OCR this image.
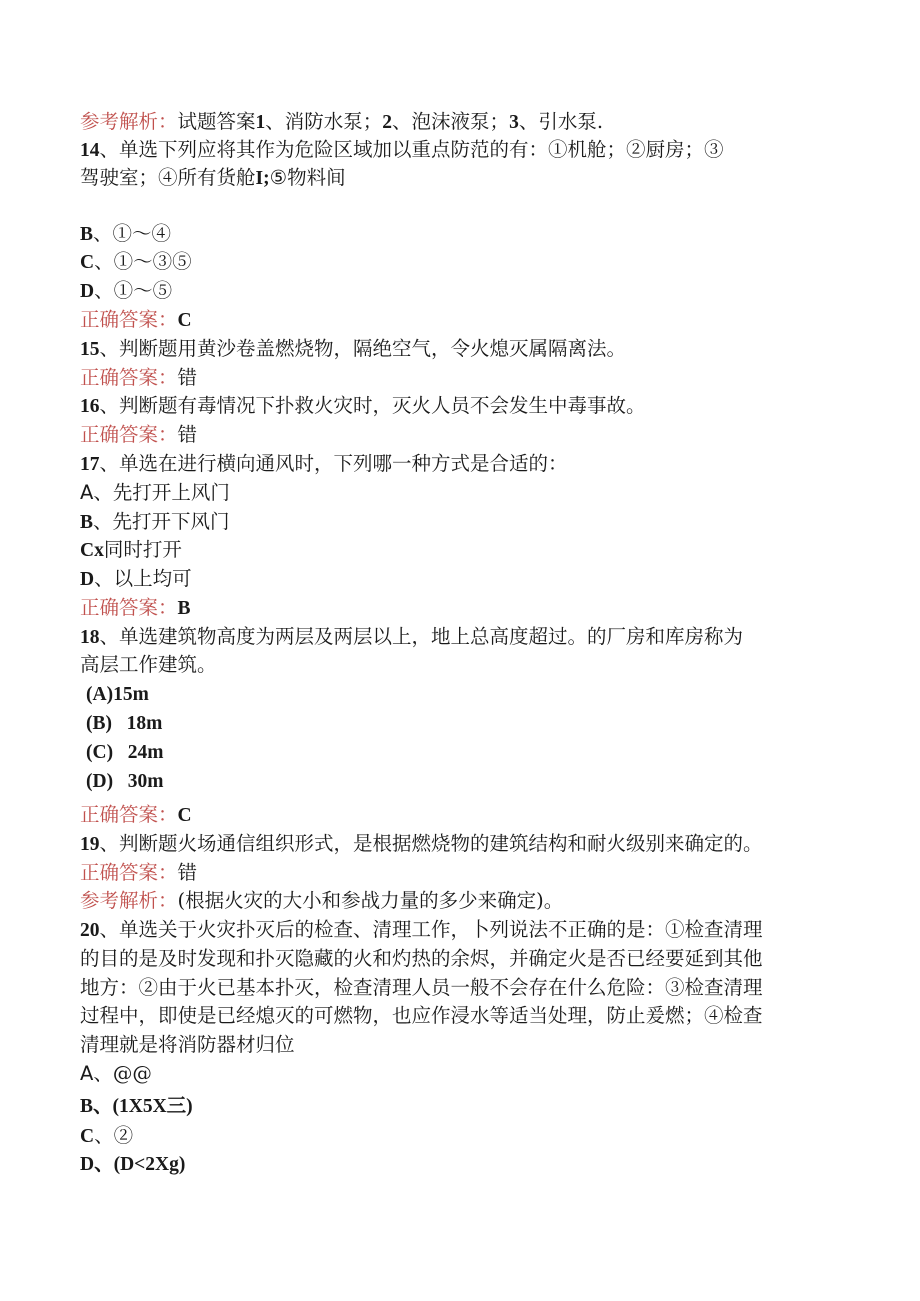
参考解析：试题答案1、消防水泵；2、泡沫液泵；3、引水泵.
14、单选下列应将其作为危险区域加以重点防范的有：①机舱；②厨房；③
驾驶室；④所有货舱I;⑤物料间
B、①～④
C、①～③⑤
D、①～⑤
正确答案：C
15、判断题用黄沙卷盖燃烧物，隔绝空气，令火熄灭属隔离法。
正确答案：错
16、判断题有毒情况下扑救火灾时，灭火人员不会发生中毒事故。
正确答案：错
17、单选在进行横向通风时，下列哪一种方式是合适的：
A、先打开上风门
B、先打开下风门
Cx同时打开
D、以上均可
正确答案：B
18、单选建筑物高度为两层及两层以上，地上总高度超过。的厂房和库房称为
高层工作建筑。
(A)15m
(B) 18m
(C) 24m
(D) 30m
正确答案：C
19、判断题火场通信组织形式，是根据燃烧物的建筑结构和耐火级别来确定的。
正确答案：错
参考解析：(根据火灾的大小和参战力量的多少来确定)。
20、单选关于火灾扑灭后的检查、清理工作，卜列说法不正确的是：①检查清理
的目的是及时发现和扑灭隐藏的火和灼热的余烬，并确定火是否已经要延到其他
地方：②由于火已基本扑灭，检查清理人员一般不会存在什么危险：③检查清理
过程中，即使是已经熄灭的可燃物，也应作浸水等适当处理，防止爰燃；④检查
清理就是将消防器材归位
A、@@
B、(1X5X三)
C、②
D、(D<2Xg)
